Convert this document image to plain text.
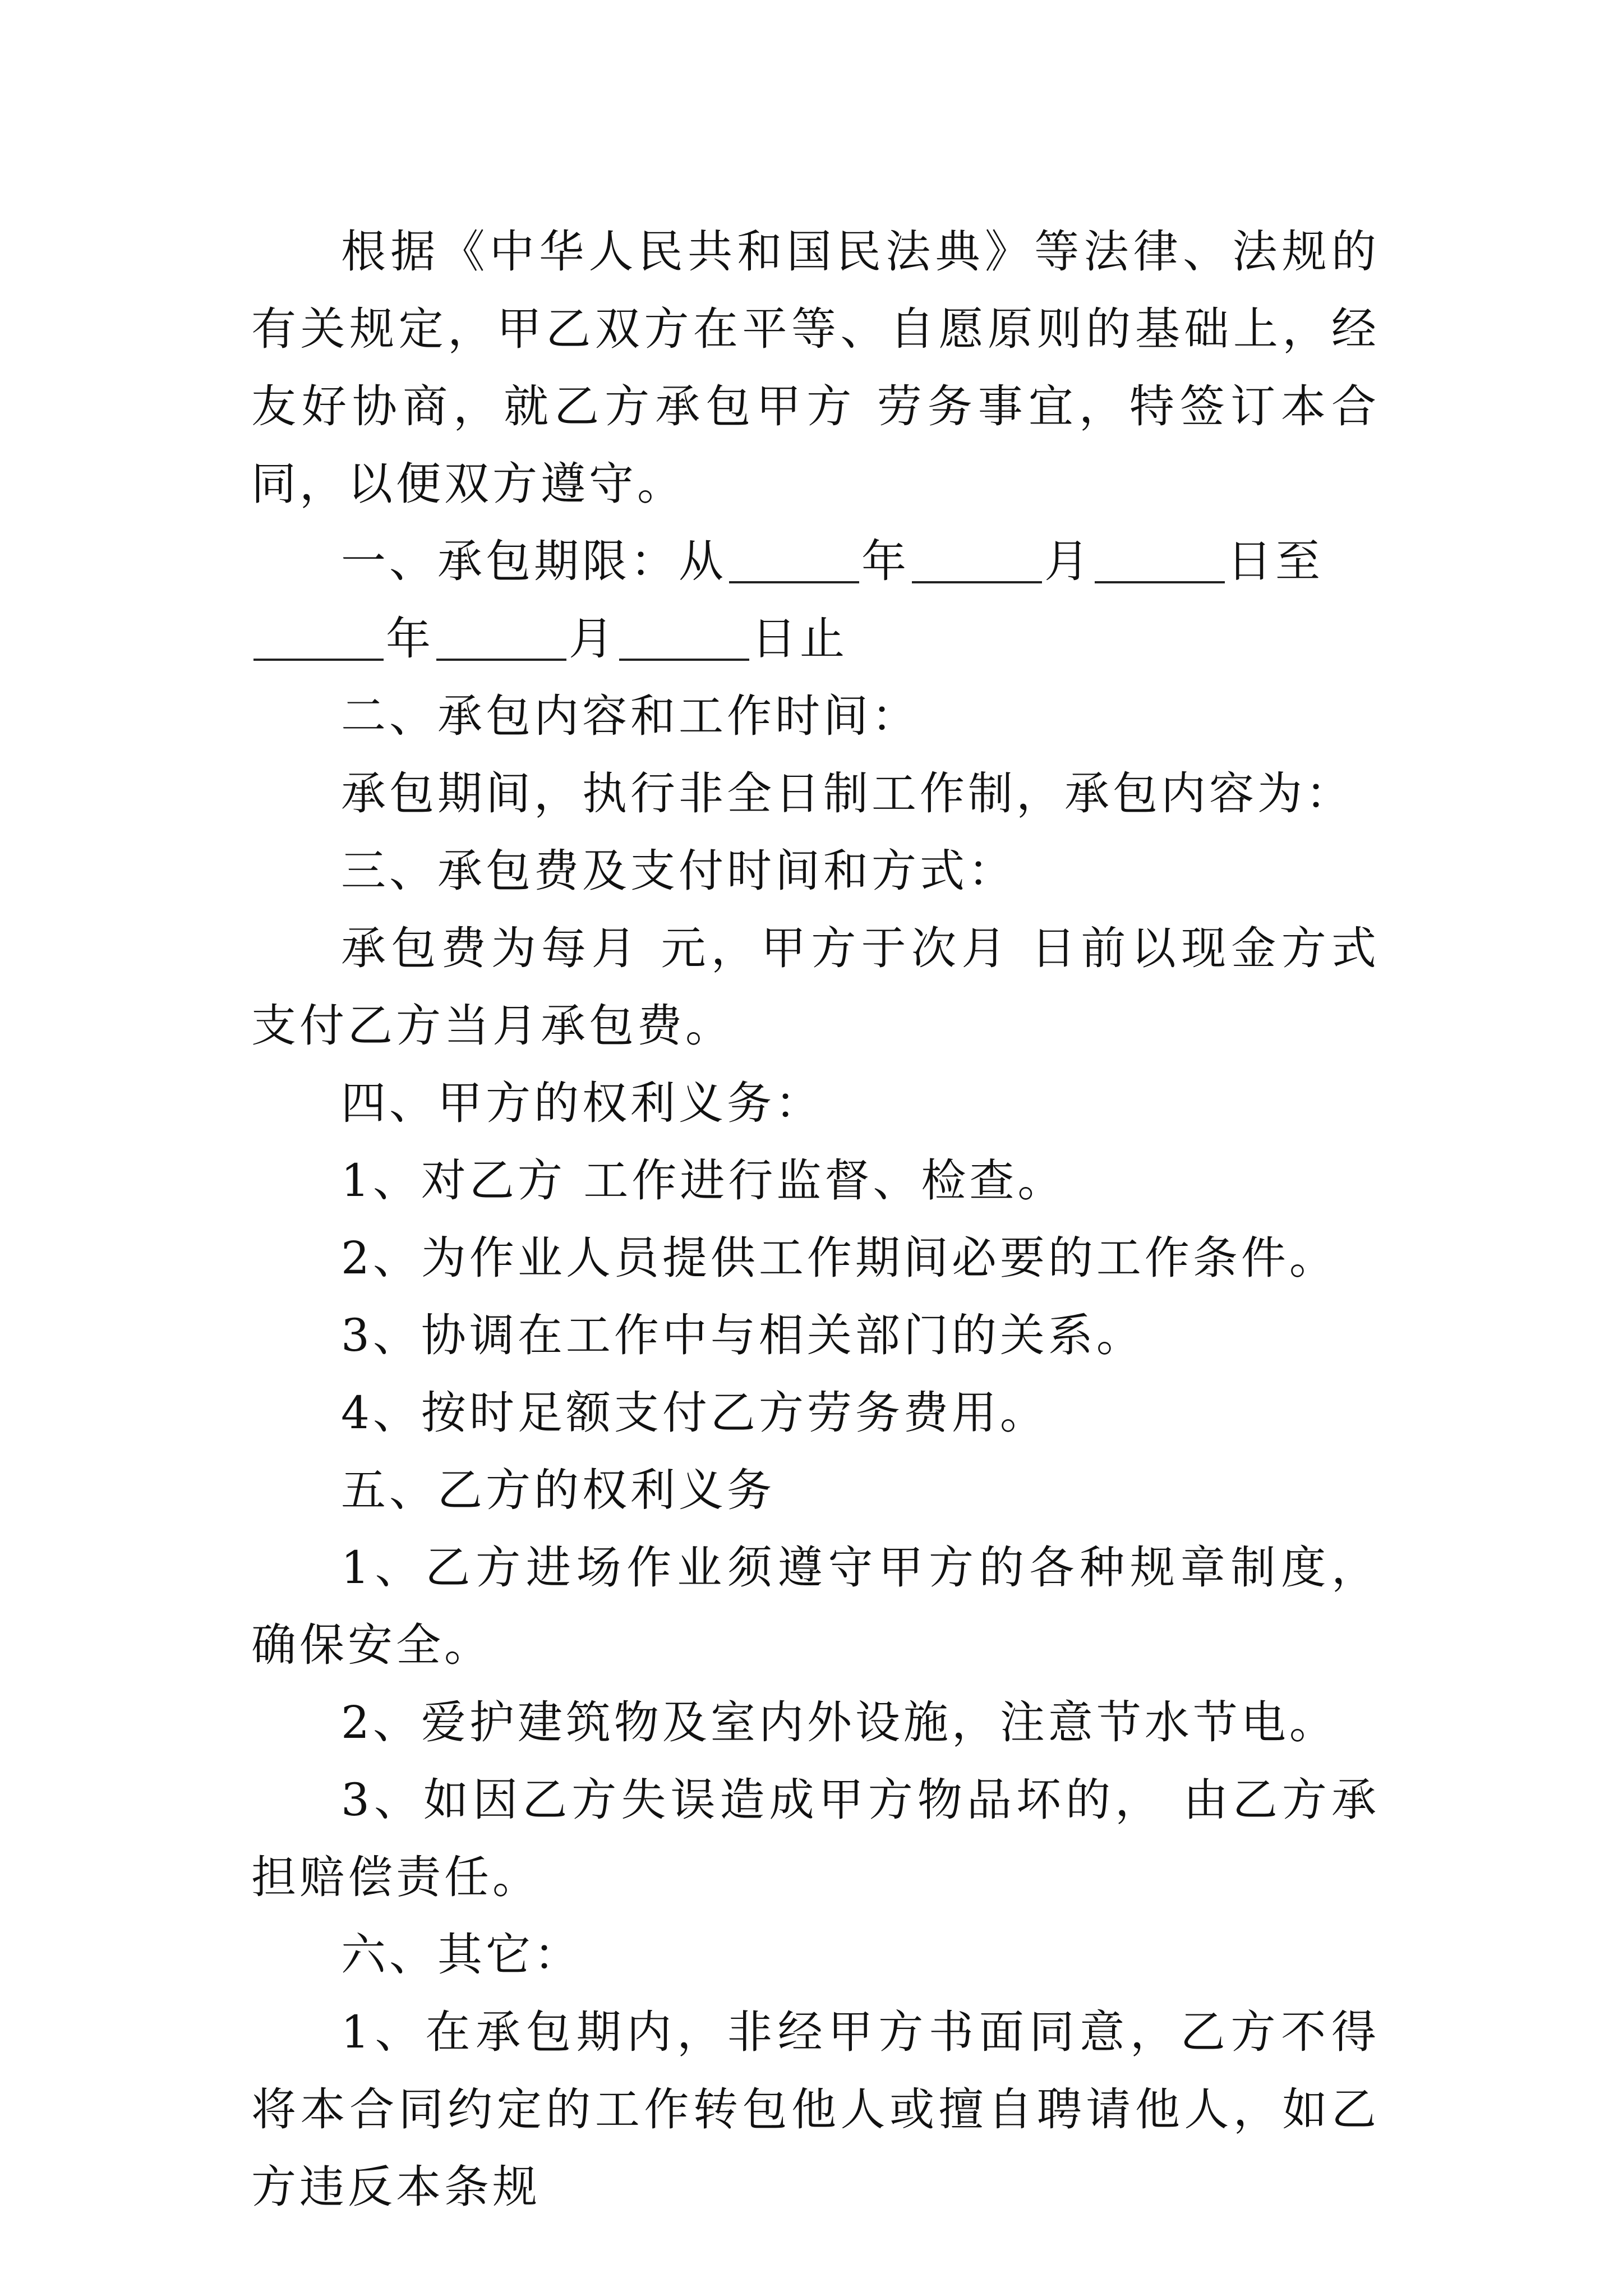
根据《中华人民共和国民法典》等法律、法规的有关规定，甲乙双方在平等、自愿原则的基础上，经友好协商，就乙方承包甲方 劳务事宜，特签订本合同，以便双方遵守。

一、承包期限：从	年	月	日至年	月	日止

二、承包内容和工作时间：

承包期间，执行非全日制工作制，承包内容为：

三、承包费及支付时间和方式：

承包费为每月 元，甲方于次月 日前以现金方式支付乙方当月承包费。

四、甲方的权利义务：

1、对乙方 工作进行监督、检查。

2、为作业人员提供工作期间必要的工作条件。

3、协调在工作中与相关部门的关系。

4、按时足额支付乙方劳务费用。

五、乙方的权利义务

1、乙方进场作业须遵守甲方的各种规章制度，确保安全。

2、爱护建筑物及室内外设施，注意节水节电。

3、如因乙方失误造成甲方物品坏的， 由乙方承担赔偿责任。

六、其它：

1、在承包期内，非经甲方书面同意，乙方不得将本合同约定的工作转包他人或擅自聘请他人，如乙方违反本条规
